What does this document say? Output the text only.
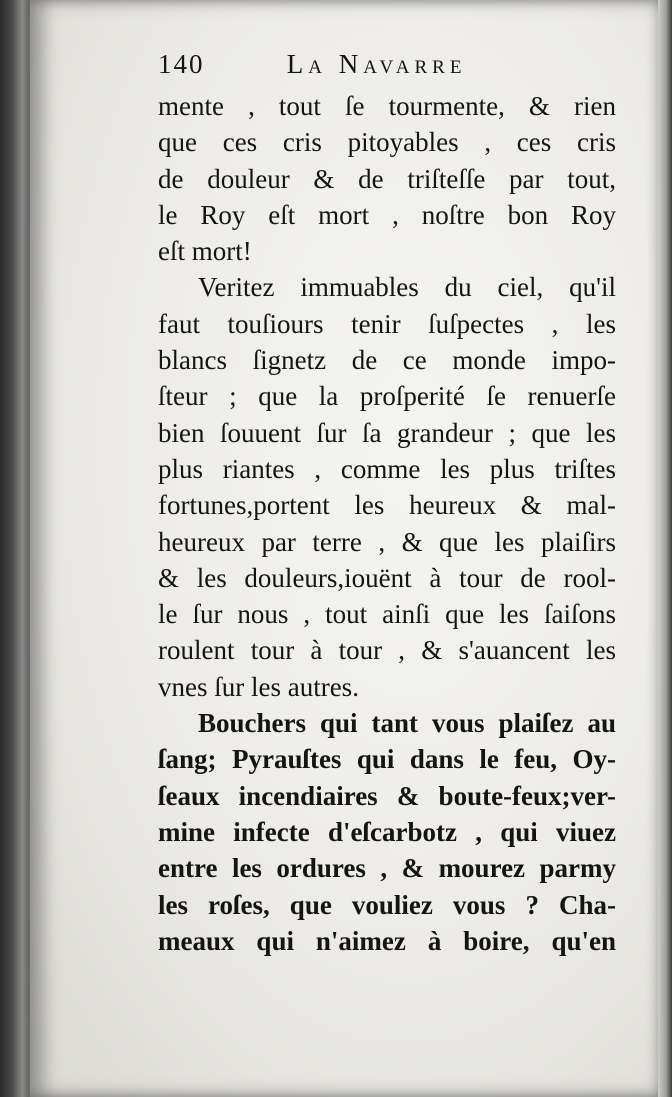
140	La Navarre
mente , tout ſe tourmente, & rien
que ces cris pitoyables , ces cris
de douleur & de triſteſſe par tout,
le Roy eſt mort , noſtre bon Roy
eſt mort!
Veritez immuables du ciel, qu'il
faut touſiours tenir ſuſpectes , les
blancs ſignetz de ce monde impo-
ſteur ; que la proſperité ſe renuerſe
bien ſouuent ſur ſa grandeur ; que les
plus riantes , comme les plus triſtes
fortunes,portent les heureux & mal-
heureux par terre , & que les plaiſirs
& les douleurs,iouënt à tour de rool-
le ſur nous , tout ainſi que les ſaiſons
roulent tour à tour , & s'auancent les
vnes ſur les autres.
Bouchers qui tant vous plaiſez au
ſang; Pyrauſtes qui dans le feu, Oy-
ſeaux incendiaires & boute-feux;ver-
mine infecte d'eſcarbotz , qui viuez
entre les ordures , & mourez parmy
les roſes, que vouliez vous ? Cha-
meaux qui n'aimez à boire, qu'en
